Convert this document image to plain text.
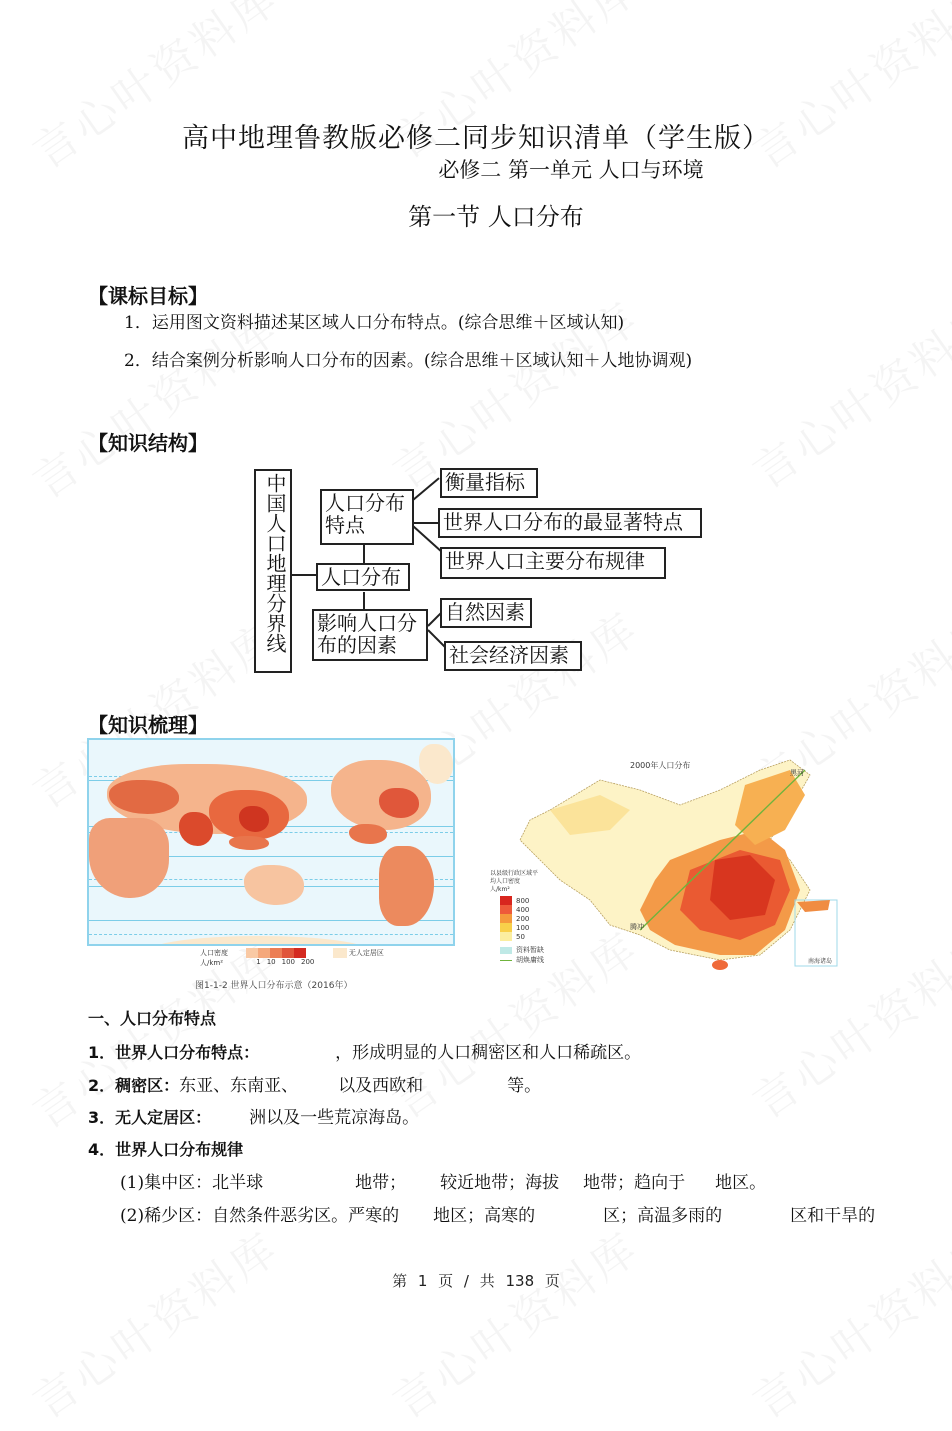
高中地理鲁教版必修二同步知识清单（学生版）
必修二 第一单元 人口与环境
第一节 人口分布
【课标目标】
1．运用图文资料描述某区域人口分布特点。(综合思维＋区域认知)
2．结合案例分析影响人口分布的因素。(综合思维＋区域认知＋人地协调观)
【知识结构】
中国人口地理分界线 人口分布特点
人口分布
影响人口分布的因素
衡量指标
世界人口分布的最显著特点
世界人口主要分布规律
自然因素
社会经济因素
【知识梳理】
人口密度 人/km²	1 10 100 200
无人定居区
图1-1-2 世界人口分布示意（2016年）
2000年人口分布
黑河
腾冲
南海诸岛
以县级行政区域平均人口密度 人/km²
800
400
200
100
50
资料暂缺
胡焕庸线
一、人口分布特点
1．世界人口分布特点：	，形成明显的人口稠密区和人口稀疏区。
2．稠密区：东亚、东南亚、 以及西欧和	等。
3．无人定居区： 洲以及一些荒凉海岛。
4．世界人口分布规律
(1)集中区：北半球	地带； 较近地带；海拔 地带；趋向于 地区。
(2)稀少区：自然条件恶劣区。严寒的 地区；高寒的	区；高温多雨的	区和干旱的
第 1 页 / 共 138 页
